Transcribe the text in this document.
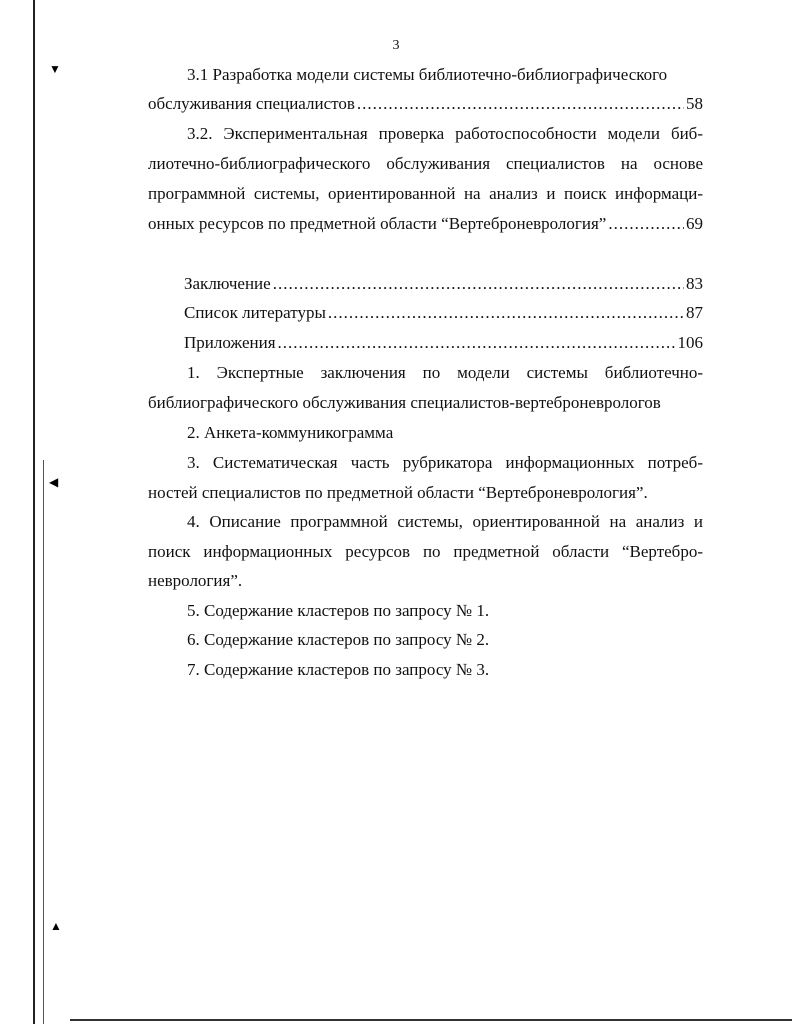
▼
◀
▲
3
3.1 Разработка модели системы библиотечно-библиографического
обслуживания специалистов .....	58
3.2. Экспериментальная проверка работоспособности модели биб-
лиотечно-библиографического обслуживания специалистов на основе
программной системы, ориентированной на анализ и поиск информаци-
онных ресурсов по предметной области “Вертеброневрология” .....	69
Заключение .....	83
Список литературы .....	87
Приложения .....	106
1. Экспертные заключения по модели системы библиотечно-
библиографического обслуживания специалистов-вертеброневрологов
2. Анкета-коммуникограмма
3. Систематическая часть рубрикатора информационных потреб-
ностей специалистов по предметной области “Вертеброневрология”.
4. Описание программной системы, ориентированной на анализ и
поиск информационных ресурсов по предметной области “Вертебро-
неврология”.
5. Содержание кластеров по запросу № 1.
6. Содержание кластеров по запросу № 2.
7. Содержание кластеров по запросу № 3.
